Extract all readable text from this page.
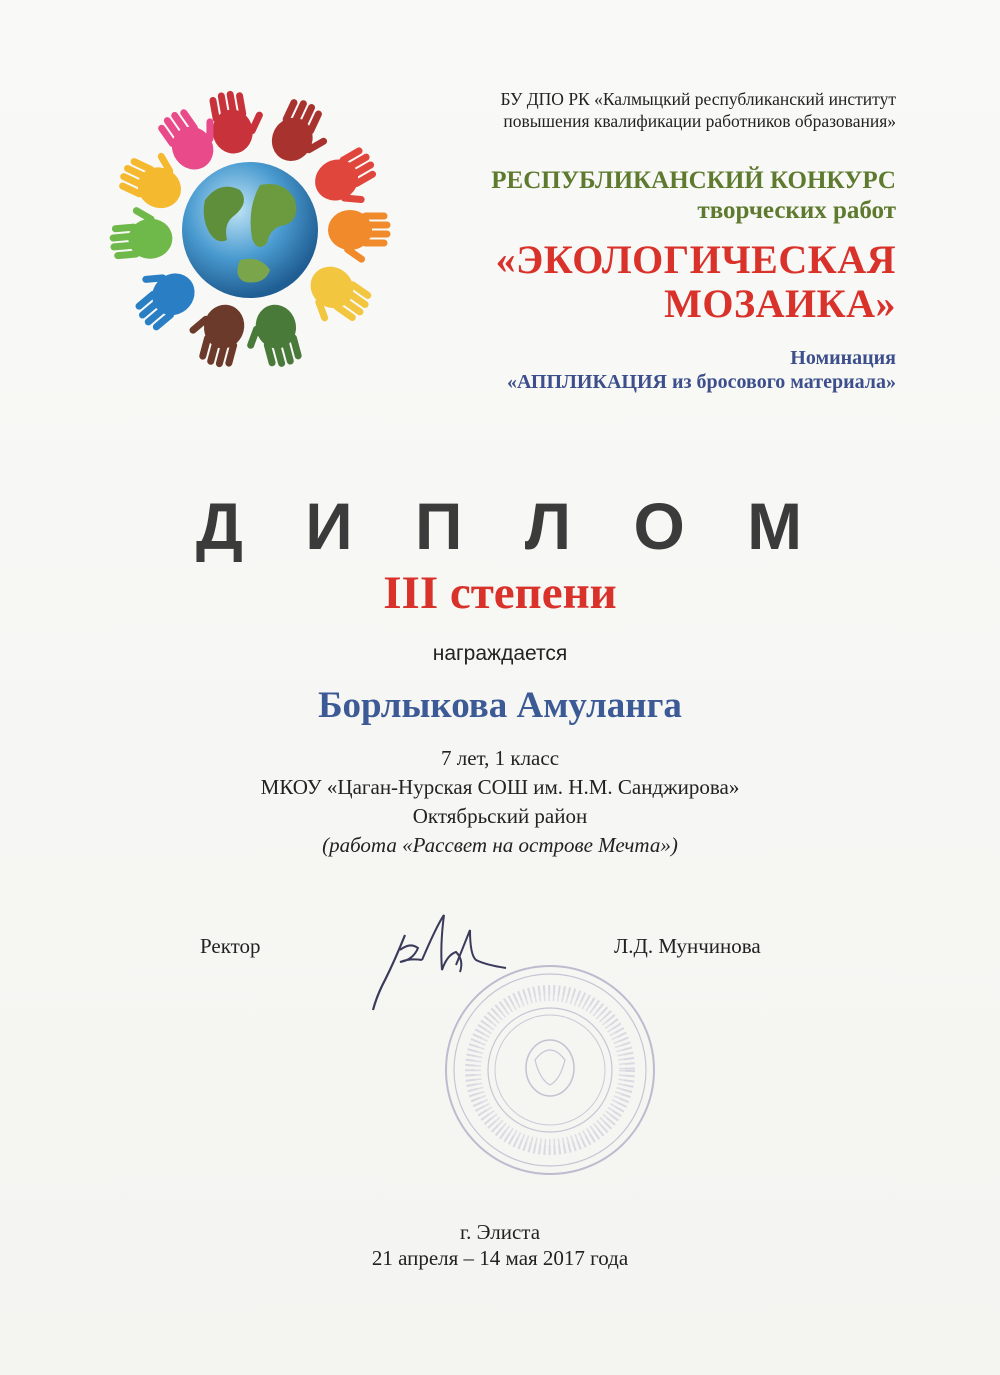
БУ ДПО РК «Калмыцкий республиканский институт
повышения квалификации работников образования»
РЕСПУБЛИКАНСКИЙ КОНКУРС
творческих работ
«ЭКОЛОГИЧЕСКАЯ
МОЗАИКА»
Номинация
«АППЛИКАЦИЯ из бросового материала»
Д И П Л О М
III степени
награждается
Борлыкова Амуланга
7 лет, 1 класс
МКОУ «Цаган-Нурская СОШ им. Н.М. Санджирова»
Октябрьский район
(работа «Рассвет на острове Мечта»)
Ректор	Л.Д. Мунчинова
г. Элиста
21 апреля – 14 мая 2017 года
